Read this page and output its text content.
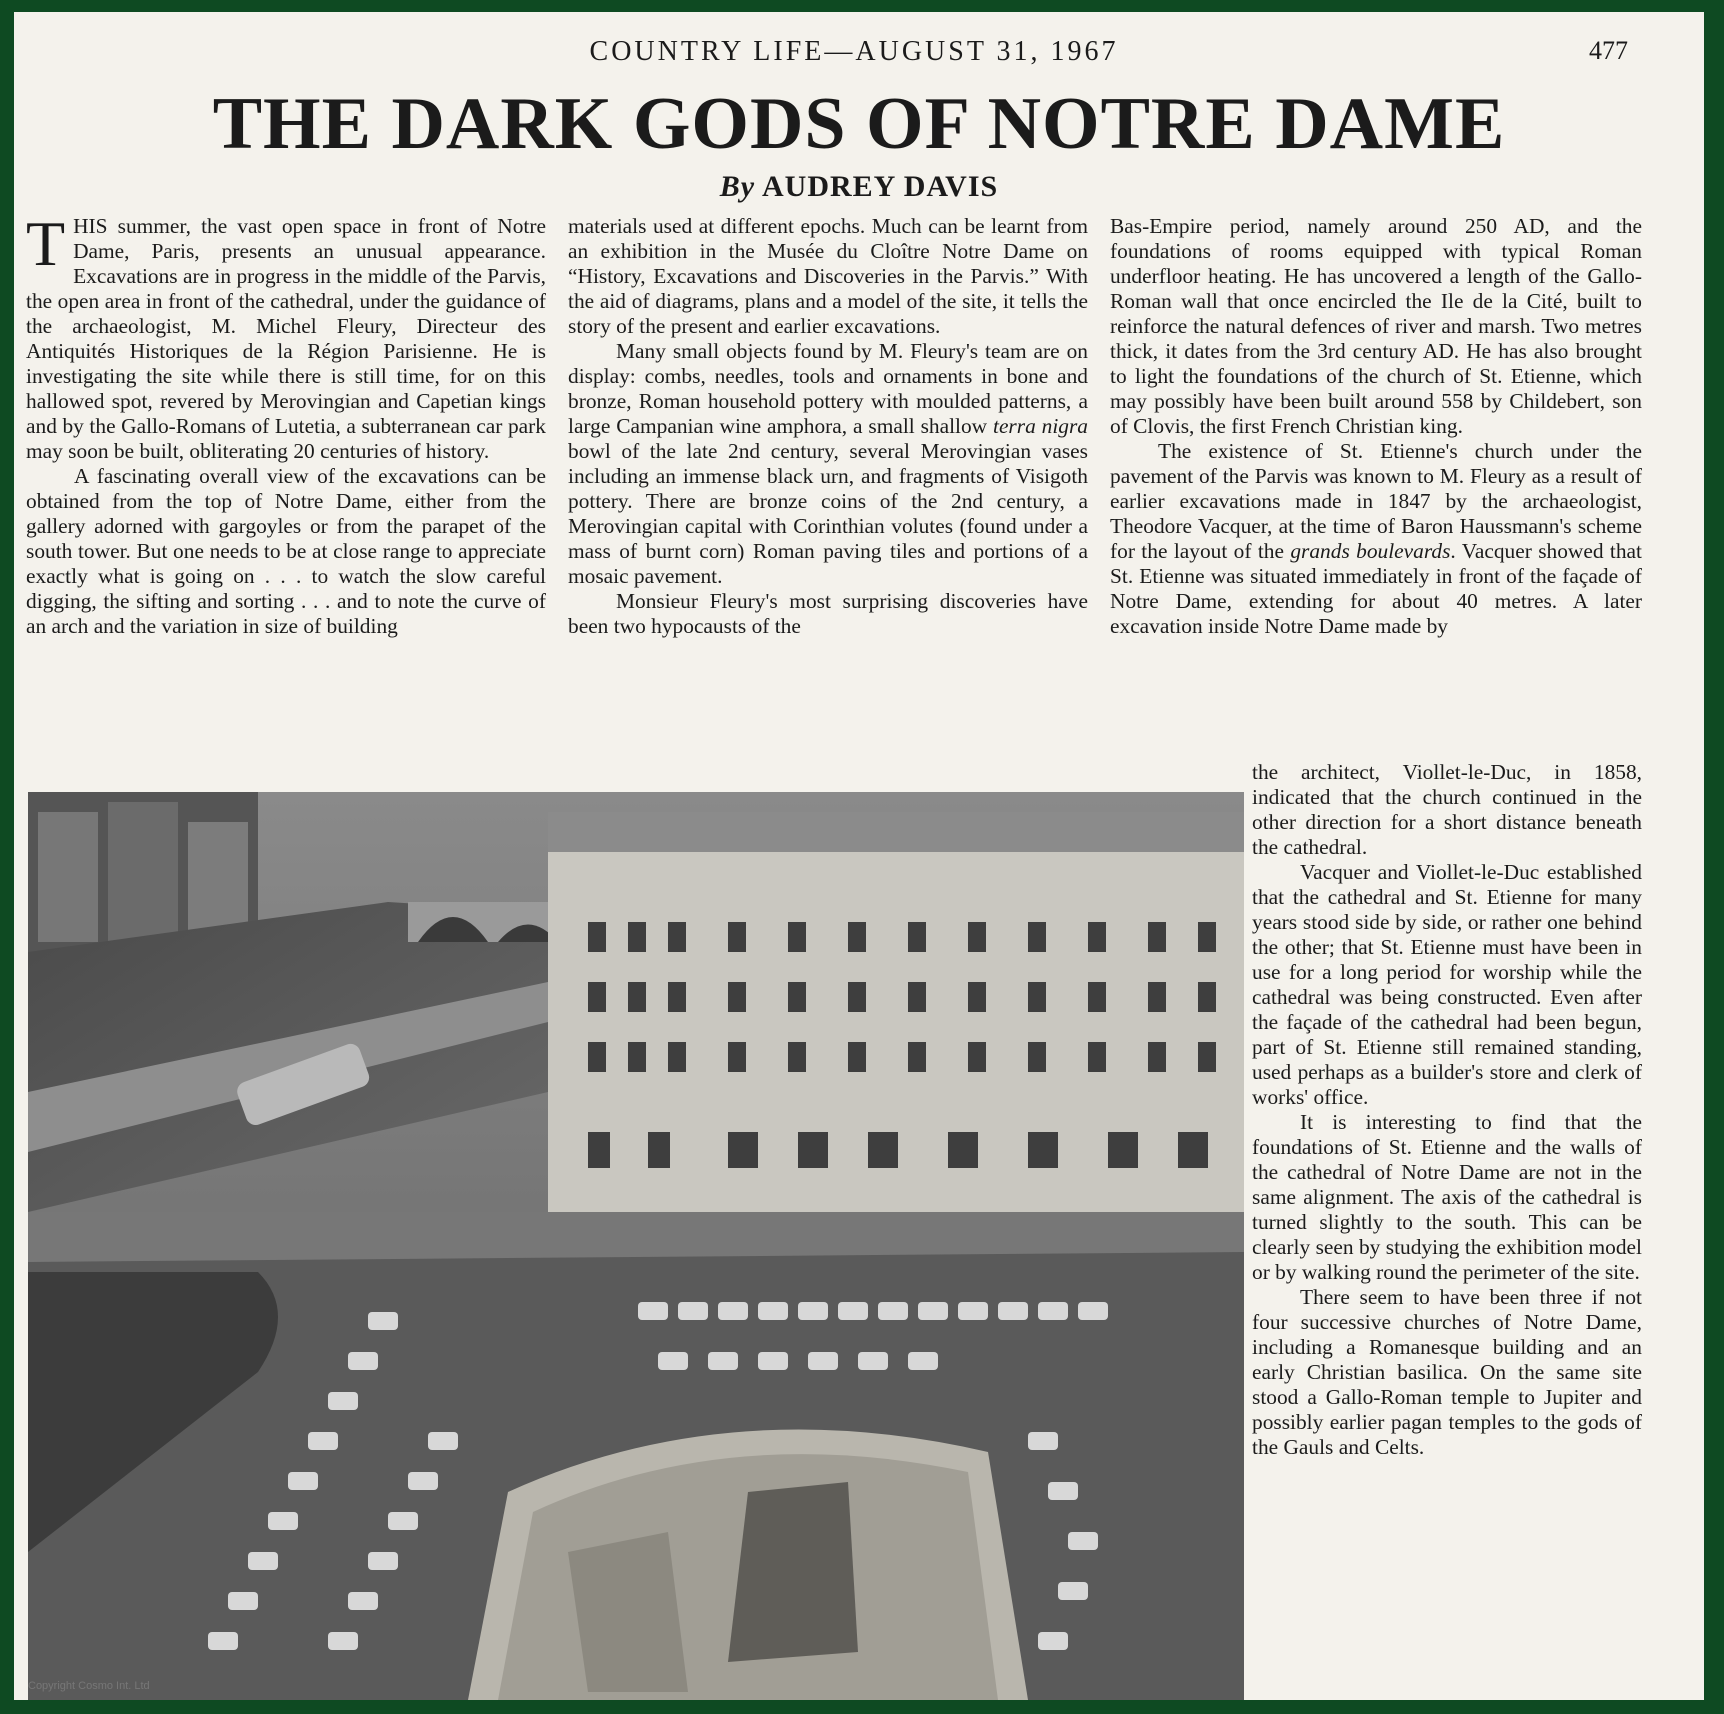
COUNTRY LIFE—AUGUST 31, 1967	477
THE DARK GODS OF NOTRE DAME
By AUDREY DAVIS

THIS summer, the vast open space in front of Notre Dame, Paris, presents an unusual appearance. Excavations are in progress in the middle of the Parvis, the open area in front of the cathedral, under the guidance of the archaeologist, M. Michel Fleury, Directeur des Antiquités Historiques de la Région Parisienne. He is investigating the site while there is still time, for on this hallowed spot, revered by Merovingian and Capetian kings and by the Gallo-Romans of Lutetia, a subterranean car park may soon be built, obliterating 20 centuries of history.

A fascinating overall view of the excavations can be obtained from the top of Notre Dame, either from the gallery adorned with gargoyles or from the parapet of the south tower. But one needs to be at close range to appreciate exactly what is going on . . . to watch the slow careful digging, the sifting and sorting . . . and to note the curve of an arch and the variation in size of building

materials used at different epochs. Much can be learnt from an exhibition in the Musée du Cloître Notre Dame on “History, Excavations and Discoveries in the Parvis.” With the aid of diagrams, plans and a model of the site, it tells the story of the present and earlier excavations.

Many small objects found by M. Fleury's team are on display: combs, needles, tools and ornaments in bone and bronze, Roman household pottery with moulded patterns, a large Campanian wine amphora, a small shallow terra nigra bowl of the late 2nd century, several Merovingian vases including an immense black urn, and fragments of Visigoth pottery. There are bronze coins of the 2nd century, a Merovingian capital with Corinthian volutes (found under a mass of burnt corn) Roman paving tiles and portions of a mosaic pavement.

Monsieur Fleury's most surprising discoveries have been two hypocausts of the

Bas-Empire period, namely around 250 AD, and the foundations of rooms equipped with typical Roman underfloor heating. He has uncovered a length of the Gallo-Roman wall that once encircled the Ile de la Cité, built to reinforce the natural defences of river and marsh. Two metres thick, it dates from the 3rd century AD. He has also brought to light the foundations of the church of St. Etienne, which may possibly have been built around 558 by Childebert, son of Clovis, the first French Christian king.

The existence of St. Etienne's church under the pavement of the Parvis was known to M. Fleury as a result of earlier excavations made in 1847 by the archaeologist, Theodore Vacquer, at the time of Baron Haussmann's scheme for the layout of the grands boulevards. Vacquer showed that St. Etienne was situated immediately in front of the façade of Notre Dame, extending for about 40 metres. A later excavation inside Notre Dame made by

the architect, Viollet-le-Duc, in 1858, indicated that the church continued in the other direction for a short distance beneath the cathedral.

Vacquer and Viollet-le-Duc established that the cathedral and St. Etienne for many years stood side by side, or rather one behind the other; that St. Etienne must have been in use for a long period for worship while the cathedral was being constructed. Even after the façade of the cathedral had been begun, part of St. Etienne still remained standing, used perhaps as a builder's store and clerk of works' office.

It is interesting to find that the foundations of St. Etienne and the walls of the cathedral of Notre Dame are not in the same alignment. The axis of the cathedral is turned slightly to the south. This can be clearly seen by studying the exhibition model or by walking round the perimeter of the site.

There seem to have been three if not four successive churches of Notre Dame, including a Romanesque building and an early Christian basilica. On the same site stood a Gallo-Roman temple to Jupiter and possibly earlier pagan temples to the gods of the Gauls and Celts.

Copyright Cosmo Int. Ltd
